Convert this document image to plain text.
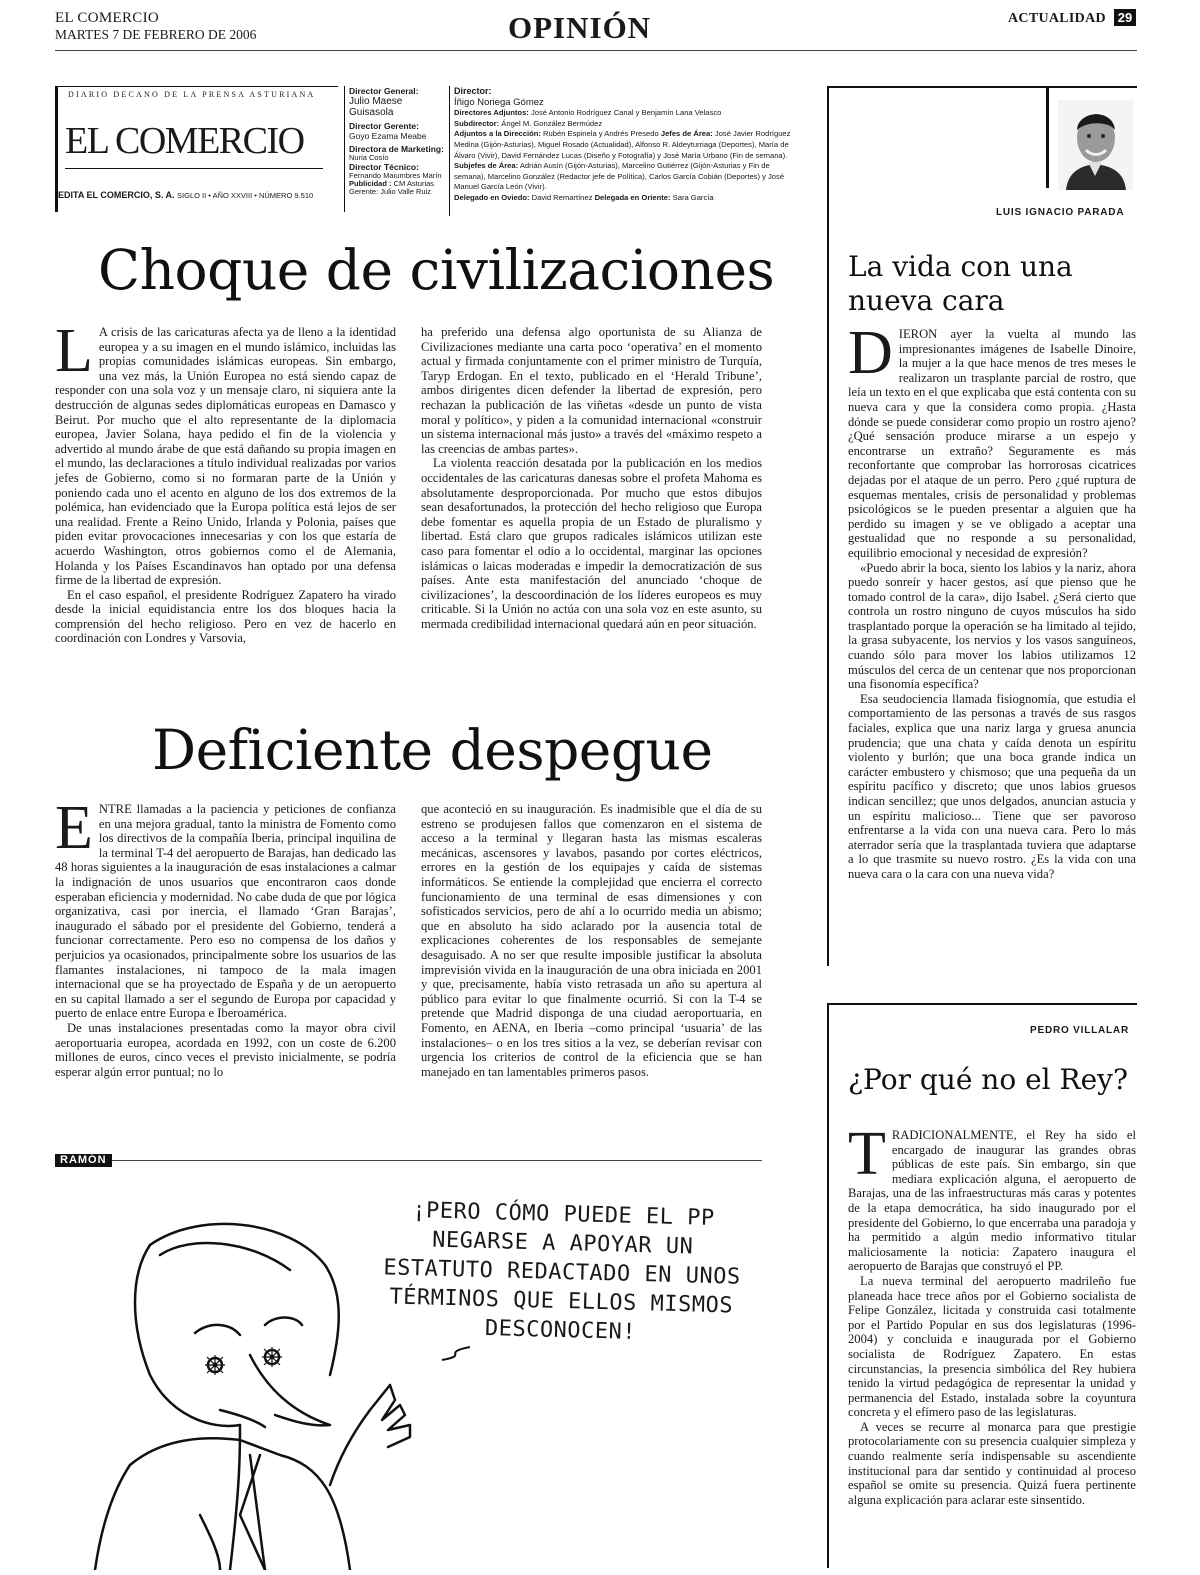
EL COMERCIO
MARTES 7 DE FEBRERO DE 2006	OPINIÓN	ACTUALIDAD 29
DIARIO DECANO DE LA PRENSA ASTURIANA
EL COMERCIO
EDITA EL COMERCIO, S. A. SIGLO II • AÑO XXVIII • NÚMERO 9.510
Director General:
Julio Maese Guisasola
Director Gerente:
Goyo Ezama Meabe
Directora de Marketing:
Nuria Cosío
Director Técnico:
Fernando Maiumbres Marín
Publicidad : CM Asturias Gerente: Julio Valle Ruiz
Director:
Íñigo Noriega Gómez
Directores Adjuntos: José Antonio Rodríguez Canal y Benjamín Lana Velasco
Subdirector: Ángel M. González Bermúdez
Adjuntos a la Dirección: Rubén Espinela y Andrés Presedo Jefes de Área: José Javier Rodríguez Medina (Gijón-Asturias), Miguel Rosado (Actualidad), Alfonso R. Aldeyturriaga (Deportes), María de Álvaro (Vivir), David Fernández Lucas (Diseño y Fotografía) y José María Urbano (Fin de semana).
Subjefes de Área: Adrián Ausín (Gijón-Asturias), Marcelino Gutiérrez (Gijón-Asturias y Fin de semana), Marcelino González (Redactor jefe de Política), Carlos García Cobián (Deportes) y José Manuel García León (Vivir).
Delegado en Oviedo: David Remartínez Delegada en Oriente: Sara García
Choque de civilizaciones

L A crisis de las caricaturas afecta ya de lleno a la identidad europea y a su imagen en el mundo islámico, incluidas las propias comunidades islámicas europeas. Sin embargo, una vez más, la Unión Europea no está siendo capaz de responder con una sola voz y un mensaje claro, ni siquiera ante la destrucción de algunas sedes diplomáticas europeas en Damasco y Beirut. Por mucho que el alto representante de la diplomacia europea, Javier Solana, haya pedido el fin de la violencia y advertido al mundo árabe de que está dañando su propia imagen en el mundo, las declaraciones a título individual realizadas por varios jefes de Gobierno, como si no formaran parte de la Unión y poniendo cada uno el acento en alguno de los dos extremos de la polémica, han evidenciado que la Europa política está lejos de ser una realidad. Frente a Reino Unido, Irlanda y Polonia, países que piden evitar provocaciones innecesarias y con los que estaría de acuerdo Washington, otros gobiernos como el de Alemania, Holanda y los Países Escandinavos han optado por una defensa firme de la libertad de expresión.

En el caso español, el presidente Rodríguez Zapatero ha virado desde la inicial equidistancia entre los dos bloques hacia la comprensión del hecho religioso. Pero en vez de hacerlo en coordinación con Londres y Varsovia,

ha preferido una defensa algo oportunista de su Alianza de Civilizaciones mediante una carta poco ‘operativa’ en el momento actual y firmada conjuntamente con el primer ministro de Turquía, Taryp Erdogan. En el texto, publicado en el ‘Herald Tribune’, ambos dirigentes dicen defender la libertad de expresión, pero rechazan la publicación de las viñetas «desde un punto de vista moral y político», y piden a la comunidad internacional «construir un sistema internacional más justo» a través del «máximo respeto a las creencias de ambas partes».

La violenta reacción desatada por la publicación en los medios occidentales de las caricaturas danesas sobre el profeta Mahoma es absolutamente desproporcionada. Por mucho que estos dibujos sean desafortunados, la protección del hecho religioso que Europa debe fomentar es aquella propia de un Estado de pluralismo y libertad. Está claro que grupos radicales islámicos utilizan este caso para fomentar el odio a lo occidental, marginar las opciones islámicas o laicas moderadas e impedir la democratización de sus países. Ante esta manifestación del anunciado ‘choque de civilizaciones’, la descoordinación de los líderes europeos es muy criticable. Si la Unión no actúa con una sola voz en este asunto, su mermada credibilidad internacional quedará aún en peor situación.

Deficiente despegue

ENTRE llamadas a la paciencia y peticiones de confianza en una mejora gradual, tanto la ministra de Fomento como los directivos de la compañía Iberia, principal inquilina de la terminal T-4 del aeropuerto de Barajas, han dedicado las 48 horas siguientes a la inauguración de esas instalaciones a calmar la indignación de unos usuarios que encontraron caos donde esperaban eficiencia y modernidad. No cabe duda de que por lógica organizativa, casi por inercia, el llamado ‘Gran Barajas’, inaugurado el sábado por el presidente del Gobierno, tenderá a funcionar correctamente. Pero eso no compensa de los daños y perjuicios ya ocasionados, principalmente sobre los usuarios de las flamantes instalaciones, ni tampoco de la mala imagen internacional que se ha proyectado de España y de un aeropuerto en su capital llamado a ser el segundo de Europa por capacidad y puerto de enlace entre Europa e Iberoamérica.

De unas instalaciones presentadas como la mayor obra civil aeroportuaria europea, acordada en 1992, con un coste de 6.200 millones de euros, cinco veces el previsto inicialmente, se podría esperar algún error puntual; no lo

que aconteció en su inauguración. Es inadmisible que el día de su estreno se produjesen fallos que comenzaron en el sistema de acceso a la terminal y llegaran hasta las mismas escaleras mecánicas, ascensores y lavabos, pasando por cortes eléctricos, errores en la gestión de los equipajes y caída de sistemas informáticos. Se entiende la complejidad que encierra el correcto funcionamiento de una terminal de esas dimensiones y con sofisticados servicios, pero de ahí a lo ocurrido media un abismo; que en absoluto ha sido aclarado por la ausencia total de explicaciones coherentes de los responsables de semejante desaguisado. A no ser que resulte imposible justificar la absoluta imprevisión vivida en la inauguración de una obra iniciada en 2001 y que, precisamente, había visto retrasada un año su apertura al público para evitar lo que finalmente ocurrió. Si con la T-4 se pretende que Madrid disponga de una ciudad aeroportuaria, en Fomento, en AENA, en Iberia –como principal ‘usuaria’ de las instalaciones– o en los tres sitios a la vez, se deberían revisar con urgencia los criterios de control de la eficiencia que se han manejado en tan lamentables primeros pasos.

RAMÓN
¡PERO CÓMO PUEDE EL PP NEGARSE A APOYAR UN ESTATUTO REDACTADO EN UNOS TÉRMINOS QUE ELLOS MISMOS DESCONOCEN!
LUIS IGNACIO PARADA
La vida con una nueva cara

DIERON ayer la vuelta al mundo las impresionantes imágenes de Isabelle Dinoire, la mujer a la que hace menos de tres meses le realizaron un trasplante parcial de rostro, que leía un texto en el que explicaba que está contenta con su nueva cara y que la considera como propia. ¿Hasta dónde se puede considerar como propio un rostro ajeno? ¿Qué sensación produce mirarse a un espejo y encontrarse un extraño? Seguramente es más reconfortante que comprobar las horrorosas cicatrices dejadas por el ataque de un perro. Pero ¿qué ruptura de esquemas mentales, crisis de personalidad y problemas psicológicos se le pueden presentar a alguien que ha perdido su imagen y se ve obligado a aceptar una gestualidad que no responde a su personalidad, equilibrio emocional y necesidad de expresión?

«Puedo abrir la boca, siento los labios y la nariz, ahora puedo sonreír y hacer gestos, así que pienso que he tomado control de la cara», dijo Isabel. ¿Será cierto que controla un rostro ninguno de cuyos músculos ha sido trasplantado porque la operación se ha limitado al tejido, la grasa subyacente, los nervios y los vasos sanguíneos, cuando sólo para mover los labios utilizamos 12 músculos del cerca de un centenar que nos proporcionan una fisonomía específica?

Esa seudociencia llamada fisiognomía, que estudia el comportamiento de las personas a través de sus rasgos faciales, explica que una nariz larga y gruesa anuncia prudencia; que una chata y caída denota un espíritu violento y burlón; que una boca grande indica un carácter embustero y chismoso; que una pequeña da un espíritu pacífico y discreto; que unos labios gruesos indican sencillez; que unos delgados, anuncian astucia y un espíritu malicioso... Tiene que ser pavoroso enfrentarse a la vida con una nueva cara. Pero lo más aterrador sería que la trasplantada tuviera que adaptarse a lo que trasmite su nuevo rostro. ¿Es la vida con una nueva cara o la cara con una nueva vida?

PEDRO VILLALAR
¿Por qué no el Rey?

TRADICIONALMENTE, el Rey ha sido el encargado de inaugurar las grandes obras públicas de este país. Sin embargo, sin que mediara explicación alguna, el aeropuerto de Barajas, una de las infraestructuras más caras y potentes de la etapa democrática, ha sido inaugurado por el presidente del Gobierno, lo que encerraba una paradoja y ha permitido a algún medio informativo titular maliciosamente la noticia: Zapatero inaugura el aeropuerto de Barajas que construyó el PP.

La nueva terminal del aeropuerto madrileño fue planeada hace trece años por el Gobierno socialista de Felipe González, licitada y construida casi totalmente por el Partido Popular en sus dos legislaturas (1996-2004) y concluida e inaugurada por el Gobierno socialista de Rodríguez Zapatero. En estas circunstancias, la presencia simbólica del Rey hubiera tenido la virtud pedagógica de representar la unidad y permanencia del Estado, instalada sobre la coyuntura concreta y el efímero paso de las legislaturas.

A veces se recurre al monarca para que prestigie protocolariamente con su presencia cualquier simpleza y cuando realmente sería indispensable su ascendiente institucional para dar sentido y continuidad al proceso español se omite su presencia. Quizá fuera pertinente alguna explicación para aclarar este sinsentido.
